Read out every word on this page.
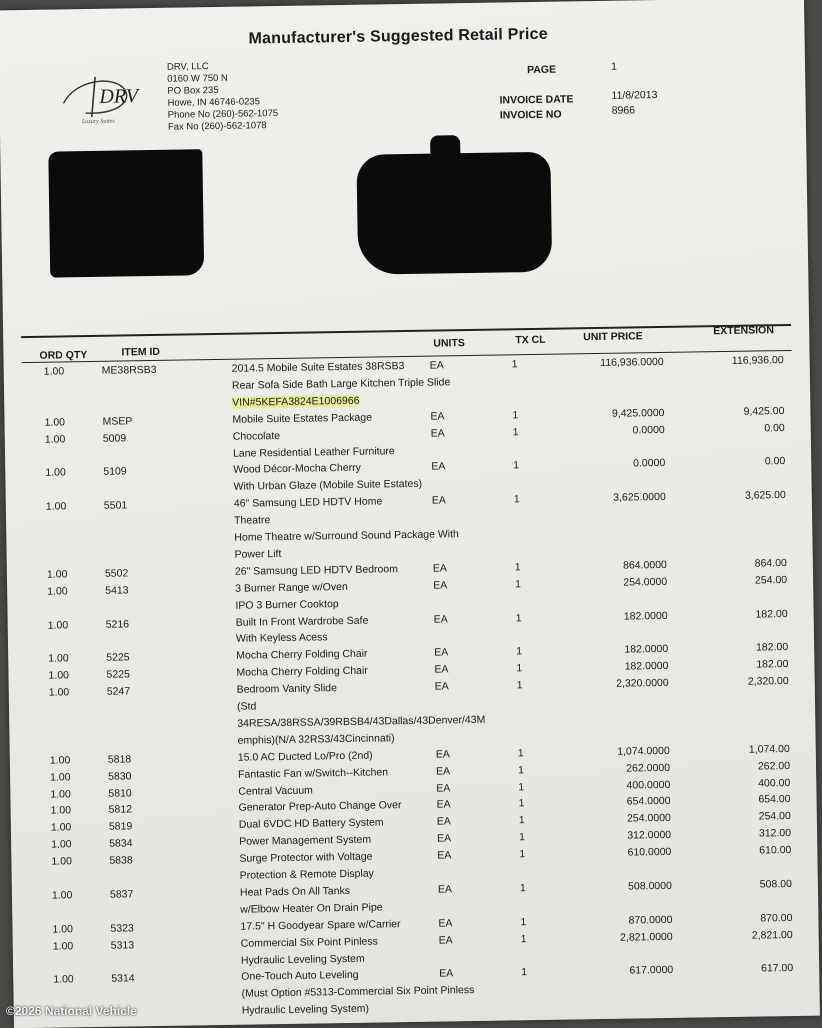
Manufacturer's Suggested Retail Price
DRV
Luxury Suites
DRV, LLC
0160 W 750 N
PO Box 235
Howe, IN 46746-0235
Phone No (260)-562-1075
Fax No (260)-562-1078
PAGE	1
INVOICE DATE	11/8/2013
INVOICE NO	8966
ORD QTY	ITEM ID
UNITS	TX CL	UNIT PRICE	EXTENSION
1.00	ME38RSB3	2014.5 Mobile Suite Estates 38RSB3 EA	1	116,936.0000	116,936.00
Rear Sofa Side Bath Large Kitchen Triple Slide
VIN#5KEFA3824E1006966
1.00	MSEP	Mobile Suite Estates Package	EA	1	9,425.0000	9,425.00
1.00	5009	Chocolate	EA	1	0.0000	0.00
Lane Residential Leather Furniture
1.00	5109	Wood Décor-Mocha Cherry	EA	1	0.0000	0.00
With Urban Glaze (Mobile Suite Estates)
1.00	5501	46" Samsung LED HDTV Home	EA	1	3,625.0000	3,625.00
Theatre
Home Theatre w/Surround Sound Package With
Power Lift
1.00	5502	26" Samsung LED HDTV Bedroom	EA	1	864.0000	864.00
1.00	5413	3 Burner Range w/Oven	EA	1	254.0000	254.00
IPO 3 Burner Cooktop
1.00	5216	Built In Front Wardrobe Safe	EA	1	182.0000	182.00
With Keyless Acess
1.00	5225	Mocha Cherry Folding Chair	EA	1	182.0000	182.00
1.00	5225	Mocha Cherry Folding Chair	EA	1	182.0000	182.00
1.00	5247	Bedroom Vanity Slide	EA	1	2,320.0000	2,320.00
(Std
34RESA/38RSSA/39RBSB4/43Dallas/43Denver/43M
emphis)(N/A 32RS3/43Cincinnati)
1.00	5818	15.0 AC Ducted Lo/Pro (2nd)	EA	1	1,074.0000	1,074.00
1.00	5830	Fantastic Fan w/Switch--Kitchen	EA	1	262.0000	262.00
1.00	5810	Central Vacuum	EA	1	400.0000	400.00
1.00	5812	Generator Prep-Auto Change Over	EA	1	654.0000	654.00
1.00	5819	Dual 6VDC HD Battery System	EA	1	254.0000	254.00
1.00	5834	Power Management System	EA	1	312.0000	312.00
1.00	5838	Surge Protector with Voltage	EA	1	610.0000	610.00
Protection & Remote Display
1.00	5837	Heat Pads On All Tanks	EA	1	508.0000	508.00
w/Elbow Heater On Drain Pipe
1.00	5323	17.5" H Goodyear Spare w/Carrier	EA	1	870.0000	870.00
1.00	5313	Commercial Six Point Pinless	EA	1	2,821.0000	2,821.00
Hydraulic Leveling System
1.00	5314	One-Touch Auto Leveling	EA	1	617.0000	617.00
(Must Option #5313-Commercial Six Point Pinless
Hydraulic Leveling System)
©2026 National Vehicle
